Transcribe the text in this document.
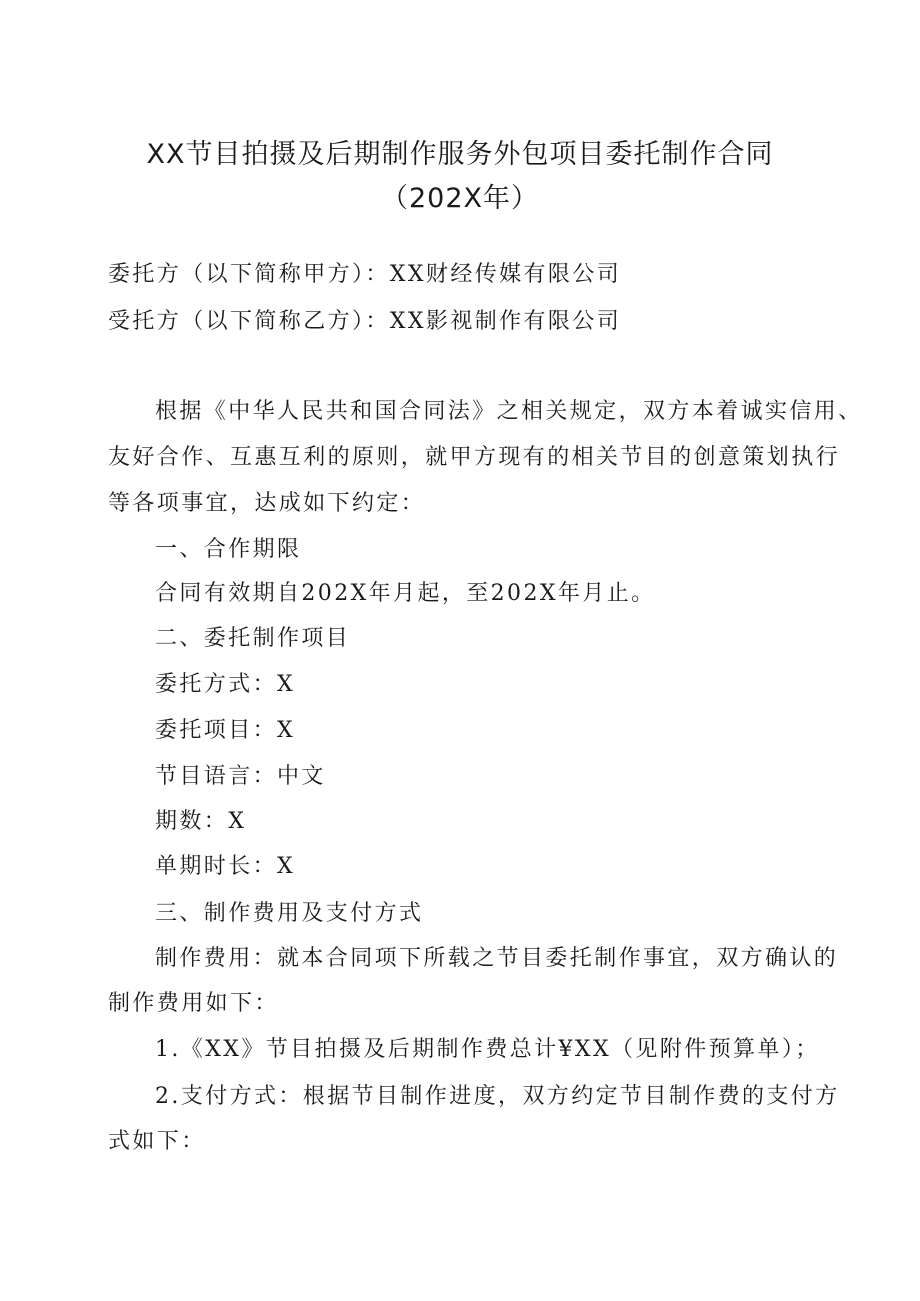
XX节目拍摄及后期制作服务外包项目委托制作合同
（202X年）
委托方（以下简称甲方）：XX财经传媒有限公司
受托方（以下简称乙方）：XX影视制作有限公司
根据《中华人民共和国合同法》之相关规定，双方本着诚实信用、
友好合作、互惠互利的原则，就甲方现有的相关节目的创意策划执行
等各项事宜，达成如下约定：
一、合作期限
合同有效期自202X年月起，至202X年月止。
二、委托制作项目
委托方式：X
委托项目：X
节目语言：中文
期数：X
单期时长：X
三、制作费用及支付方式
制作费用：就本合同项下所载之节目委托制作事宜，双方确认的
制作费用如下：
1.《XX》节目拍摄及后期制作费总计¥XX（见附件预算单）；
2.支付方式：根据节目制作进度，双方约定节目制作费的支付方
式如下：
